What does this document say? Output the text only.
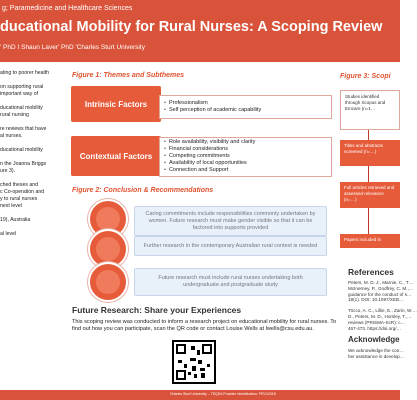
g; Paramedicine and Healthcare Sciences
ducational Mobility for Rural Nurses: A Scoping Review
' PhD I Shaun Laver' PhD 'Charles Sturt University

ating to poorer health

on supporting rural
important way of

ducational mobility
rural nursing

re reviews that have
al nurses.

ducational mobility

n the Joanna Briggs
ure 3).

ched theses and
c Co-operation and
y to rural nurses
next level

19), Australia

al level

Figure 1: Themes and Subthemes
Intrinsic Factors
•	Professionalism
• Self perception of academic capability
Contextual Factors
• Role availability, visibility and clarity
• Financial considerations
• Competing commitments
• Availability of local opportunities
• Connection and Support
Figure 2: Conclusion & Recommendations
Caring commitments include responsibilities commonly undertaken by women. Future research must make gender visible so that it can be factored into supports provided
Further research in the contemporary Australian rural context is needed
Future research must include rural nurses undertaking both undergraduate and postgraduate study
Future Research: Share your Experiences
This scoping review was conducted to inform a research project on educational mobility for rural nurses. To find out how you can participate, scan the QR code or contact Louise Wells at lwells@csu.edu.au.
Figure 3: Scopi
Studies identified through Scopus and Emcare (n=1…
Titles and abstracts screened (n=…)
Full articles retrieved and assessed relevance (n=…)
Papers included in
References

Peters, M. D. J., Marnie, C., T…
McInerney, P., Godfrey, C. M.,…
guidance for the conduct of s…
18(1). DOI: 10.1097/XEB…

Tricco, A. C., Lillie, E., Zarin, W.…
D., Peters, M. D., Horsley, T.,…
reviews (PRISMA-ScR): c…
467-473. https://doi.org/…

Acknowledge
We acknowledge the con…
her assistance in develop…
Charles Sturt University – TEQSA Provider Identification: PRV12018
